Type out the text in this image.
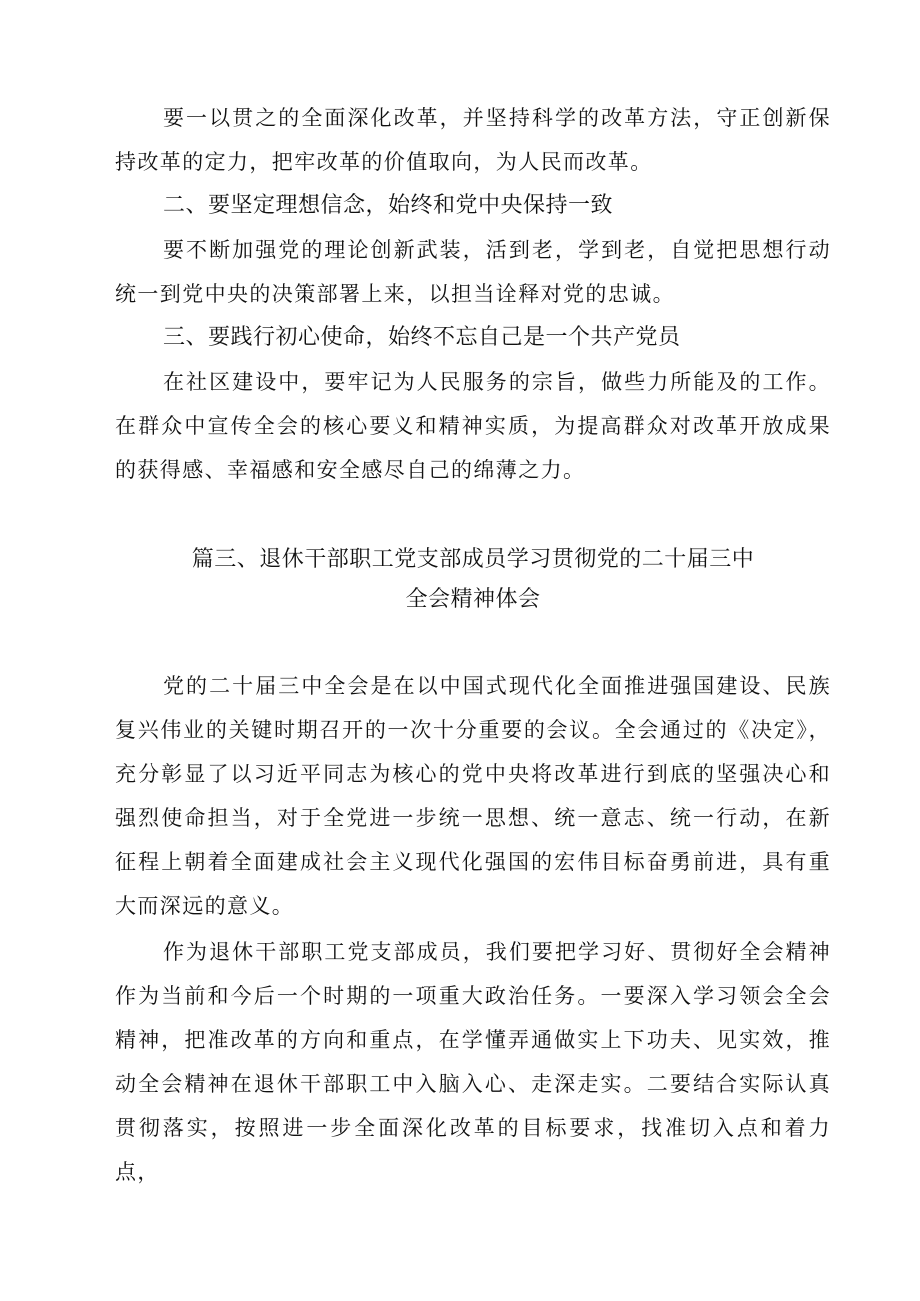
要一以贯之的全面深化改革，并坚持科学的改革方法，守正创新保持改革的定力，把牢改革的价值取向，为人民而改革。

二、要坚定理想信念，始终和党中央保持一致

要不断加强党的理论创新武装，活到老，学到老，自觉把思想行动统一到党中央的决策部署上来，以担当诠释对党的忠诚。

三、要践行初心使命，始终不忘自己是一个共产党员

在社区建设中，要牢记为人民服务的宗旨，做些力所能及的工作。在群众中宣传全会的核心要义和精神实质，为提高群众对改革开放成果的获得感、幸福感和安全感尽自己的绵薄之力。

篇三、退休干部职工党支部成员学习贯彻党的二十届三中
全会精神体会

党的二十届三中全会是在以中国式现代化全面推进强国建设、民族复兴伟业的关键时期召开的一次十分重要的会议。全会通过的《决定》，充分彰显了以习近平同志为核心的党中央将改革进行到底的坚强决心和强烈使命担当，对于全党进一步统一思想、统一意志、统一行动，在新征程上朝着全面建成社会主义现代化强国的宏伟目标奋勇前进，具有重大而深远的意义。

作为退休干部职工党支部成员，我们要把学习好、贯彻好全会精神作为当前和今后一个时期的一项重大政治任务。一要深入学习领会全会精神，把准改革的方向和重点，在学懂弄通做实上下功夫、见实效，推动全会精神在退休干部职工中入脑入心、走深走实。二要结合实际认真贯彻落实，按照进一步全面深化改革的目标要求，找准切入点和着力点，
